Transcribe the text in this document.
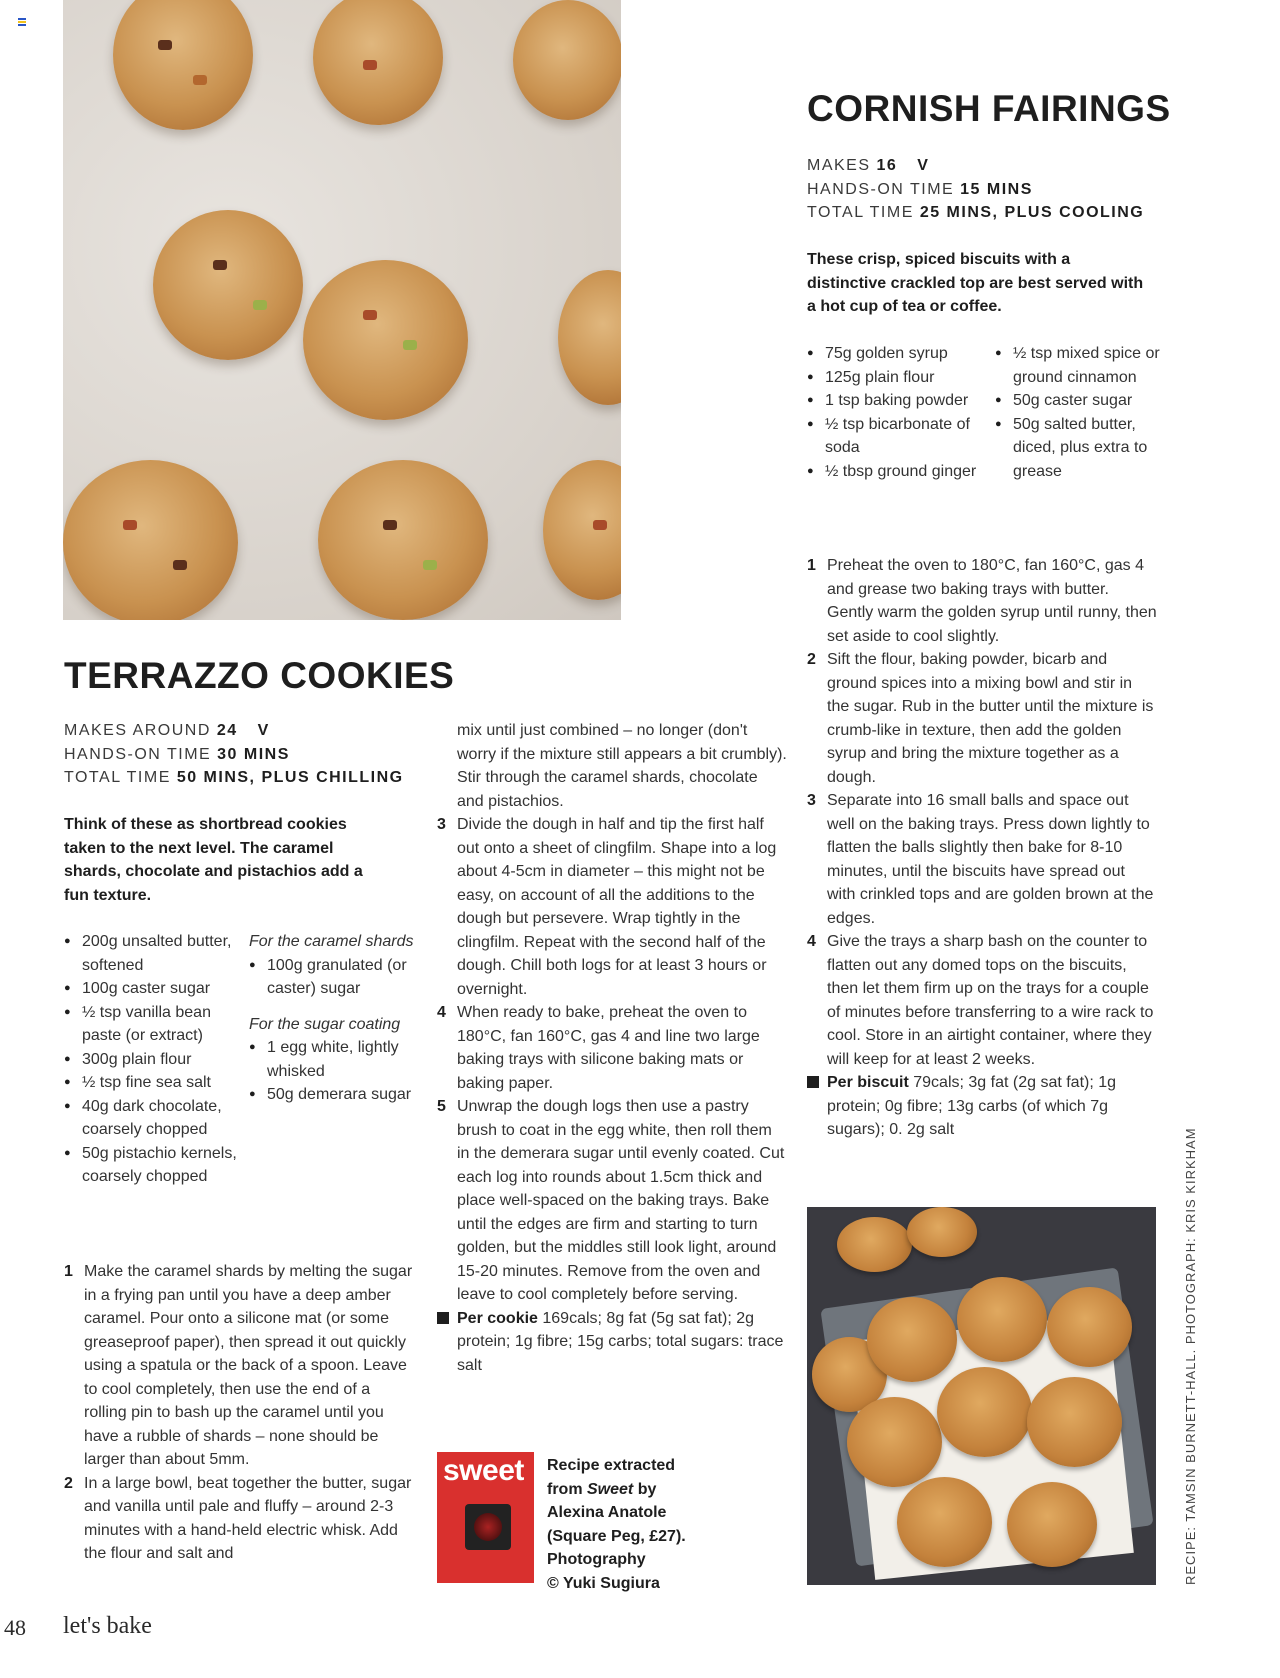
CORNISH FAIRINGS
MAKES 16 V
HANDS-ON TIME 15 MINS
TOTAL TIME 25 MINS, PLUS COOLING
These crisp, spiced biscuits with a distinctive crackled top are best served with a hot cup of tea or coffee.
● 75g golden syrup
● 125g plain flour
● 1 tsp baking powder
● ½ tsp bicarbonate of soda
● ½ tbsp ground ginger
● ½ tsp mixed spice or ground cinnamon
● 50g caster sugar
● 50g salted butter, diced, plus extra to grease
1 Preheat the oven to 180°C, fan 160°C, gas 4 and grease two baking trays with butter. Gently warm the golden syrup until runny, then set aside to cool slightly.
2 Sift the flour, baking powder, bicarb and ground spices into a mixing bowl and stir in the sugar. Rub in the butter until the mixture is crumb-like in texture, then add the golden syrup and bring the mixture together as a dough.
3 Separate into 16 small balls and space out well on the baking trays. Press down lightly to flatten the balls slightly then bake for 8-10 minutes, until the biscuits have spread out with crinkled tops and are golden brown at the edges.
4 Give the trays a sharp bash on the counter to flatten out any domed tops on the biscuits, then let them firm up on the trays for a couple of minutes before transferring to a wire rack to cool. Store in an airtight container, where they will keep for at least 2 weeks.
Per biscuit 79cals; 3g fat (2g sat fat); 1g protein; 0g fibre; 13g carbs (of which 7g sugars); 0. 2g salt
TERRAZZO COOKIES
MAKES AROUND 24 V
HANDS-ON TIME 30 MINS
TOTAL TIME 50 MINS, PLUS CHILLING
Think of these as shortbread cookies taken to the next level. The caramel shards, chocolate and pistachios add a fun texture.
● 200g unsalted butter, softened
● 100g caster sugar
● ½ tsp vanilla bean paste (or extract)
● 300g plain flour
● ½ tsp fine sea salt
● 40g dark chocolate, coarsely chopped
● 50g pistachio kernels, coarsely chopped
For the caramel shards
● 100g granulated (or caster) sugar
For the sugar coating
● 1 egg white, lightly whisked
● 50g demerara sugar
1 Make the caramel shards by melting the sugar in a frying pan until you have a deep amber caramel. Pour onto a silicone mat (or some greaseproof paper), then spread it out quickly using a spatula or the back of a spoon. Leave to cool completely, then use the end of a rolling pin to bash up the caramel until you have a rubble of shards – none should be larger than about 5mm.
2 In a large bowl, beat together the butter, sugar and vanilla until pale and fluffy – around 2-3 minutes with a hand-held electric whisk. Add the flour and salt and
mix until just combined – no longer (don't worry if the mixture still appears a bit crumbly). Stir through the caramel shards, chocolate and pistachios.
3 Divide the dough in half and tip the first half out onto a sheet of clingfilm. Shape into a log about 4-5cm in diameter – this might not be easy, on account of all the additions to the dough but persevere. Wrap tightly in the clingfilm. Repeat with the second half of the dough. Chill both logs for at least 3 hours or overnight.
4 When ready to bake, preheat the oven to 180°C, fan 160°C, gas 4 and line two large baking trays with silicone baking mats or baking paper.
5 Unwrap the dough logs then use a pastry brush to coat in the egg white, then roll them in the demerara sugar until evenly coated. Cut each log into rounds about 1.5cm thick and place well-spaced on the baking trays. Bake until the edges are firm and starting to turn golden, but the middles still look light, around 15-20 minutes. Remove from the oven and leave to cool completely before serving.
Per cookie 169cals; 8g fat (5g sat fat); 2g protein; 1g fibre; 15g carbs; total sugars: trace salt
sweet Recipe extracted
from Sweet by
Alexina Anatole
(Square Peg, £27).
Photography
© Yuki Sugiura	RECIPE: TAMSIN BURNETT-HALL. PHOTOGRAPH: KRIS KIRKHAM
48 let's bake
